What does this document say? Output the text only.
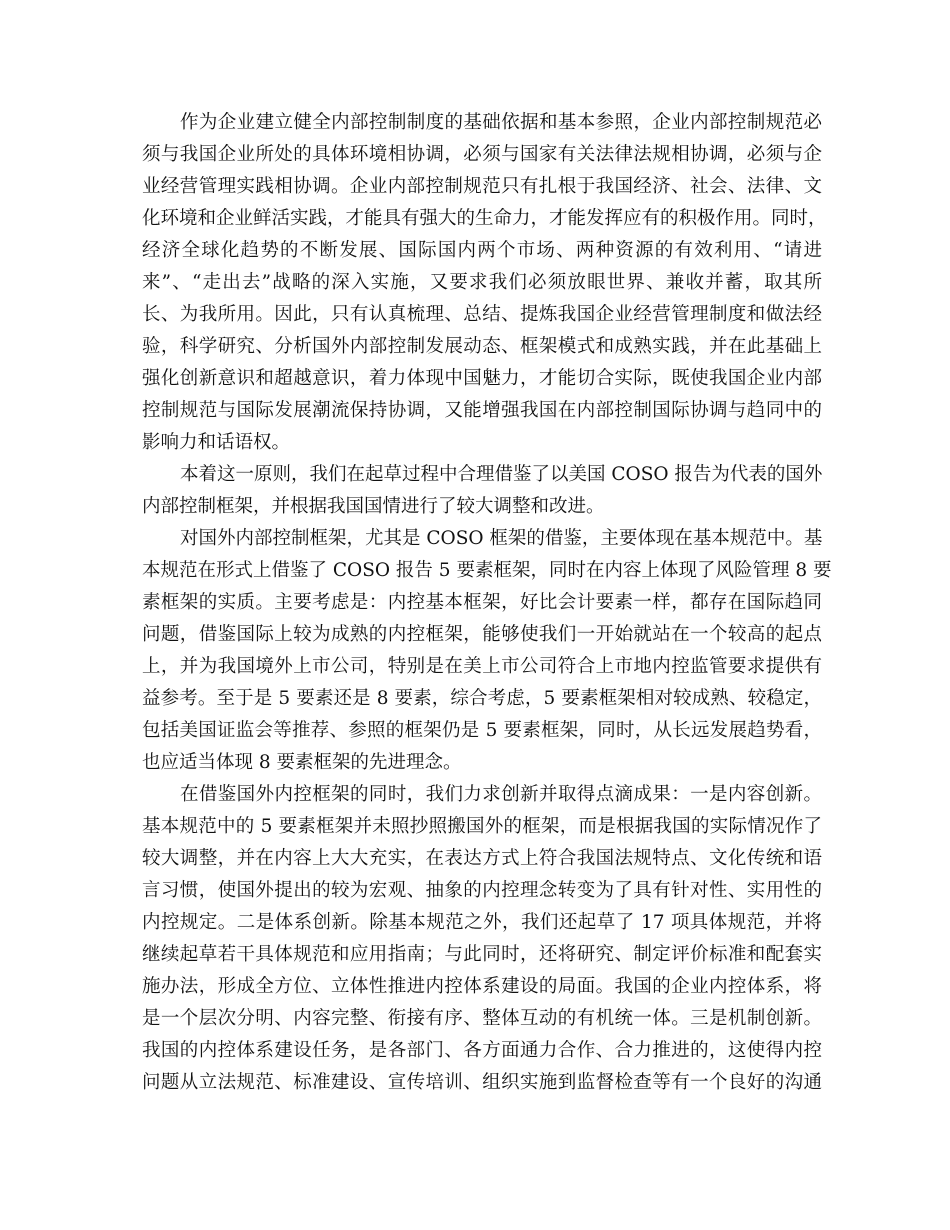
作为企业建立健全内部控制制度的基础依据和基本参照，企业内部控制规范必
须与我国企业所处的具体环境相协调，必须与国家有关法律法规相协调，必须与企
业经营管理实践相协调。企业内部控制规范只有扎根于我国经济、社会、法律、文
化环境和企业鲜活实践，才能具有强大的生命力，才能发挥应有的积极作用。同时，
经济全球化趋势的不断发展、国际国内两个市场、两种资源的有效利用、“请进
来”、“走出去”战略的深入实施，又要求我们必须放眼世界、兼收并蓄，取其所
长、为我所用。因此，只有认真梳理、总结、提炼我国企业经营管理制度和做法经
验，科学研究、分析国外内部控制发展动态、框架模式和成熟实践，并在此基础上
强化创新意识和超越意识，着力体现中国魅力，才能切合实际，既使我国企业内部
控制规范与国际发展潮流保持协调，又能增强我国在内部控制国际协调与趋同中的
影响力和话语权。
本着这一原则，我们在起草过程中合理借鉴了以美国 COSO 报告为代表的国外
内部控制框架，并根据我国国情进行了较大调整和改进。
对国外内部控制框架，尤其是 COSO 框架的借鉴，主要体现在基本规范中。基
本规范在形式上借鉴了 COSO 报告 5 要素框架，同时在内容上体现了风险管理 8 要
素框架的实质。主要考虑是：内控基本框架，好比会计要素一样，都存在国际趋同
问题，借鉴国际上较为成熟的内控框架，能够使我们一开始就站在一个较高的起点
上，并为我国境外上市公司，特别是在美上市公司符合上市地内控监管要求提供有
益参考。至于是 5 要素还是 8 要素，综合考虑，5 要素框架相对较成熟、较稳定，
包括美国证监会等推荐、参照的框架仍是 5 要素框架，同时，从长远发展趋势看，
也应适当体现 8 要素框架的先进理念。
在借鉴国外内控框架的同时，我们力求创新并取得点滴成果：一是内容创新。
基本规范中的 5 要素框架并未照抄照搬国外的框架，而是根据我国的实际情况作了
较大调整，并在内容上大大充实，在表达方式上符合我国法规特点、文化传统和语
言习惯，使国外提出的较为宏观、抽象的内控理念转变为了具有针对性、实用性的
内控规定。二是体系创新。除基本规范之外，我们还起草了 17 项具体规范，并将
继续起草若干具体规范和应用指南；与此同时，还将研究、制定评价标准和配套实
施办法，形成全方位、立体性推进内控体系建设的局面。我国的企业内控体系，将
是一个层次分明、内容完整、衔接有序、整体互动的有机统一体。三是机制创新。
我国的内控体系建设任务，是各部门、各方面通力合作、合力推进的，这使得内控
问题从立法规范、标准建设、宣传培训、组织实施到监督检查等有一个良好的沟通
